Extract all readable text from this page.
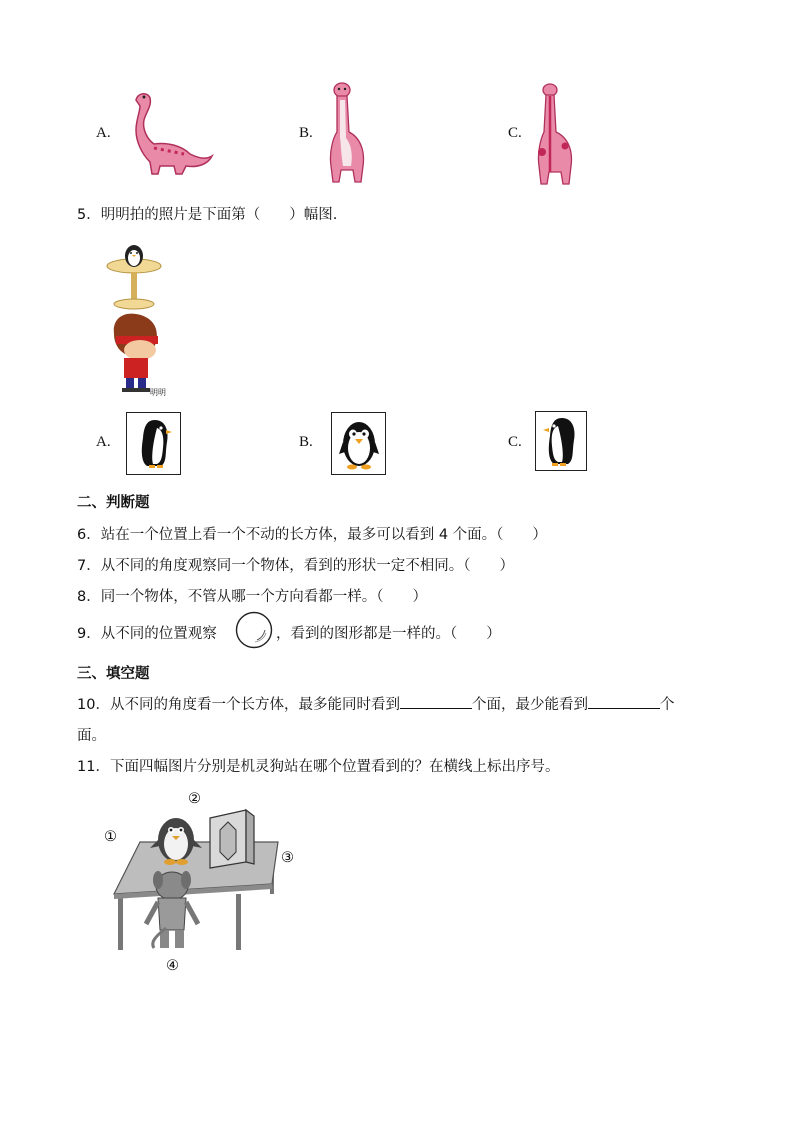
A.	B.	C.
5．明明拍的照片是下面第（　　）幅图.
明明
A.	B.	C.
二、判断题
6．站在一个位置上看一个不动的长方体，最多可以看到 4 个面。（　　）
7．从不同的角度观察同一个物体，看到的形状一定不相同。（　　）
8．同一个物体，不管从哪一个方向看都一样。（　　）
9．从不同的位置观察	，看到的图形都是一样的。（　　）
三、填空题
10．从不同的角度看一个长方体，最多能同时看到	个面，最少能看到	个
面。
11．下面四幅图片分别是机灵狗站在哪个位置看到的？在横线上标出序号。
①
②
③
④
